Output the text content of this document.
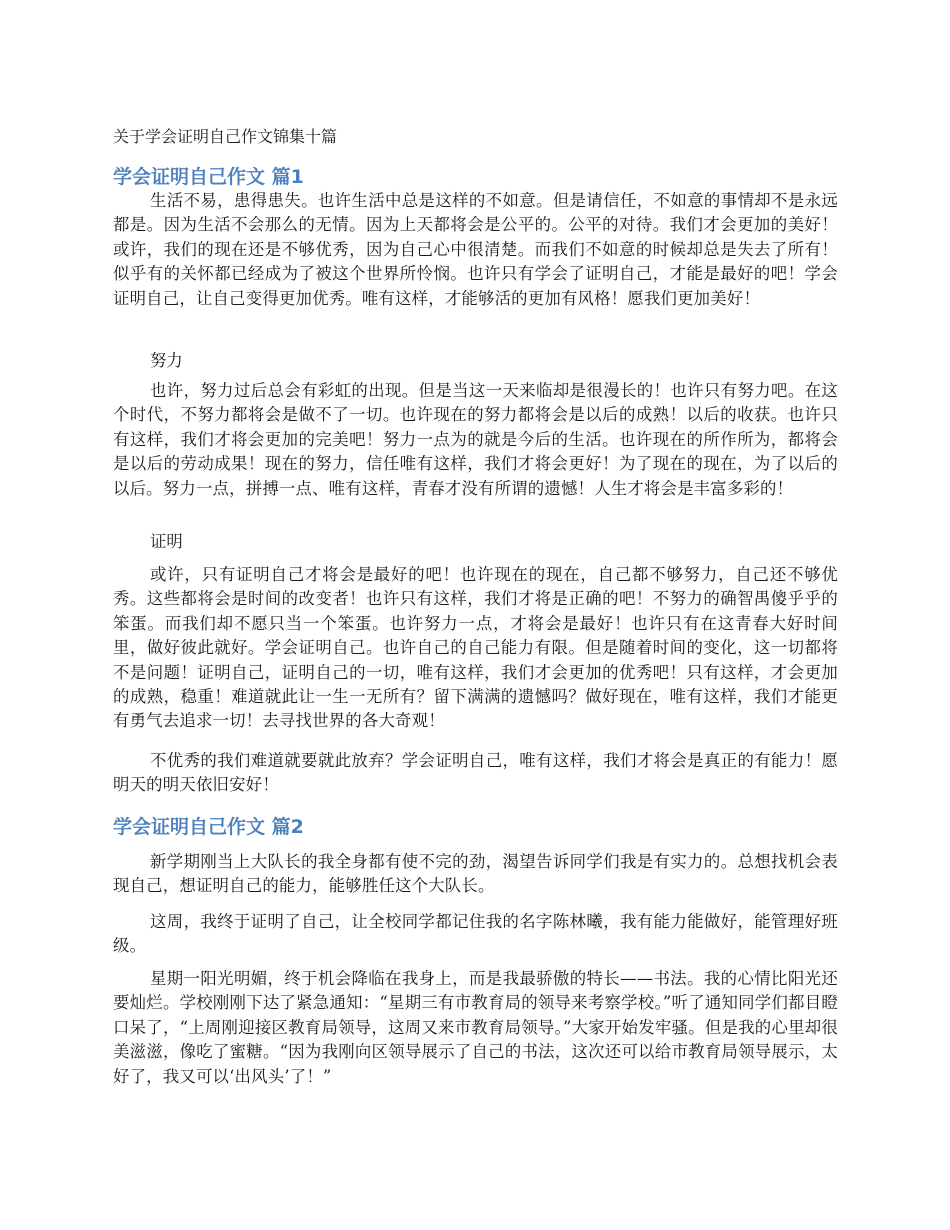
关于学会证明自己作文锦集十篇
学会证明自己作文 篇1

生活不易，患得患失。也许生活中总是这样的不如意。但是请信任，不如意的事情却不是永远都是。因为生活不会那么的无情。因为上天都将会是公平的。公平的对待。我们才会更加的美好！或许，我们的现在还是不够优秀，因为自己心中很清楚。而我们不如意的时候却总是失去了所有！似乎有的关怀都已经成为了被这个世界所怜悯。也许只有学会了证明自己，才能是最好的吧！学会证明自己，让自己变得更加优秀。唯有这样，才能够活的更加有风格！愿我们更加美好！

努力

也许，努力过后总会有彩虹的出现。但是当这一天来临却是很漫长的！也许只有努力吧。在这个时代，不努力都将会是做不了一切。也许现在的努力都将会是以后的成熟！以后的收获。也许只有这样，我们才将会更加的完美吧！努力一点为的就是今后的生活。也许现在的所作所为，都将会是以后的劳动成果！现在的努力，信任唯有这样，我们才将会更好！为了现在的现在，为了以后的以后。努力一点，拼搏一点、唯有这样，青春才没有所谓的遗憾！人生才将会是丰富多彩的！

证明

或许，只有证明自己才将会是最好的吧！也许现在的现在，自己都不够努力，自己还不够优秀。这些都将会是时间的改变者！也许只有这样，我们才将是正确的吧！不努力的确智禺傻乎乎的笨蛋。而我们却不愿只当一个笨蛋。也许努力一点，才将会是最好！也许只有在这青春大好时间里，做好彼此就好。学会证明自己。也许自己的自己能力有限。但是随着时间的变化，这一切都将不是问题！证明自己，证明自己的一切，唯有这样，我们才会更加的优秀吧！只有这样，才会更加的成熟，稳重！难道就此让一生一无所有？留下满满的遗憾吗？做好现在，唯有这样，我们才能更有勇气去追求一切！去寻找世界的各大奇观！

不优秀的我们难道就要就此放弃？学会证明自己，唯有这样，我们才将会是真正的有能力！愿明天的明天依旧安好！

学会证明自己作文 篇2

新学期刚当上大队长的我全身都有使不完的劲，渴望告诉同学们我是有实力的。总想找机会表现自己，想证明自己的能力，能够胜任这个大队长。

这周，我终于证明了自己，让全校同学都记住我的名字陈林曦，我有能力能做好，能管理好班级。

星期一阳光明媚，终于机会降临在我身上，而是我最骄傲的特长——书法。我的心情比阳光还要灿烂。学校刚刚下达了紧急通知：“星期三有市教育局的领导来考察学校。”听了通知同学们都目瞪口呆了，“上周刚迎接区教育局领导，这周又来市教育局领导。”大家开始发牢骚。但是我的心里却很美滋滋，像吃了蜜糖。“因为我刚向区领导展示了自己的书法，这次还可以给市教育局领导展示，太好了，我又可以‘出风头’了！”
